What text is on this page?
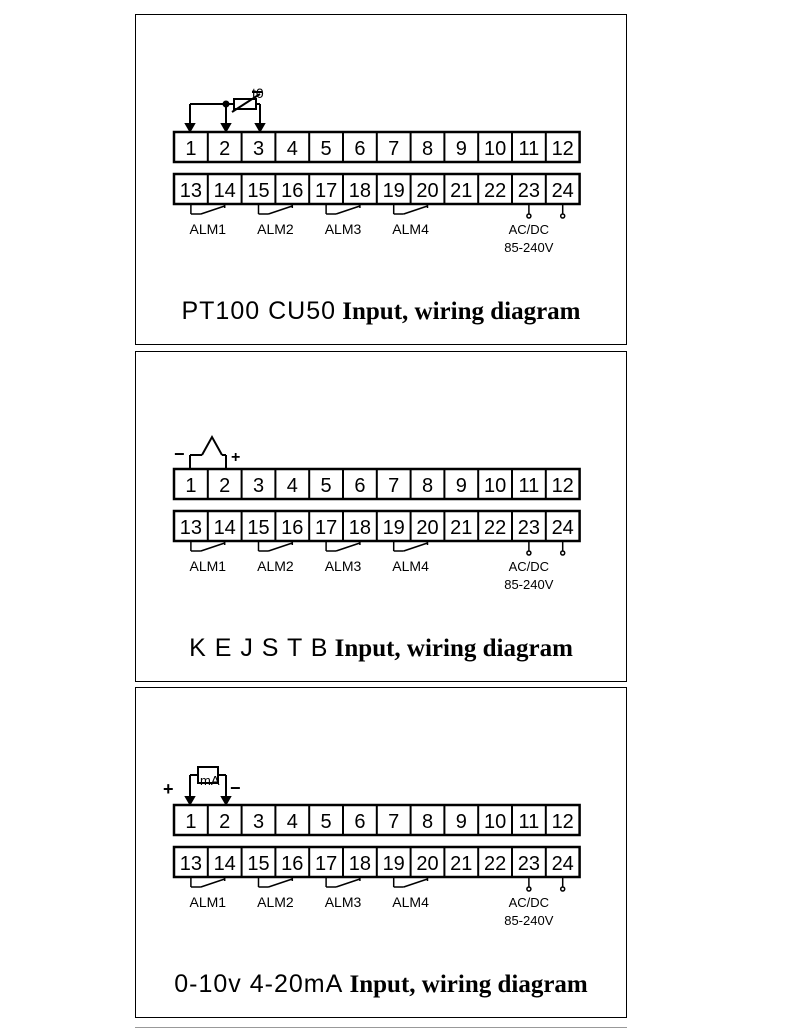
1 2 3 4 5 6 7 8 9 10 11 12
13 14 15 16 17 18 19 20 21 22 23 24
ALM1 ALM2 ALM3 ALM4	AC/DC
85-240V
t0
PT100 CU50 Input, wiring diagram
1 2 3 4 5 6 7 8 9 10 11 12
13 14 15 16 17 18 19 20 21 22 23 24
ALM1 ALM2 ALM3 ALM4	AC/DC
85-240V
−	+
K E J S T B Input, wiring diagram
1 2 3 4 5 6 7 8 9 10 11 12
13 14 15 16 17 18 19 20 21 22 23 24
ALM1 ALM2 ALM3 ALM4	AC/DC
85-240V
mA
+	−
0-10v 4-20mA Input, wiring diagram
